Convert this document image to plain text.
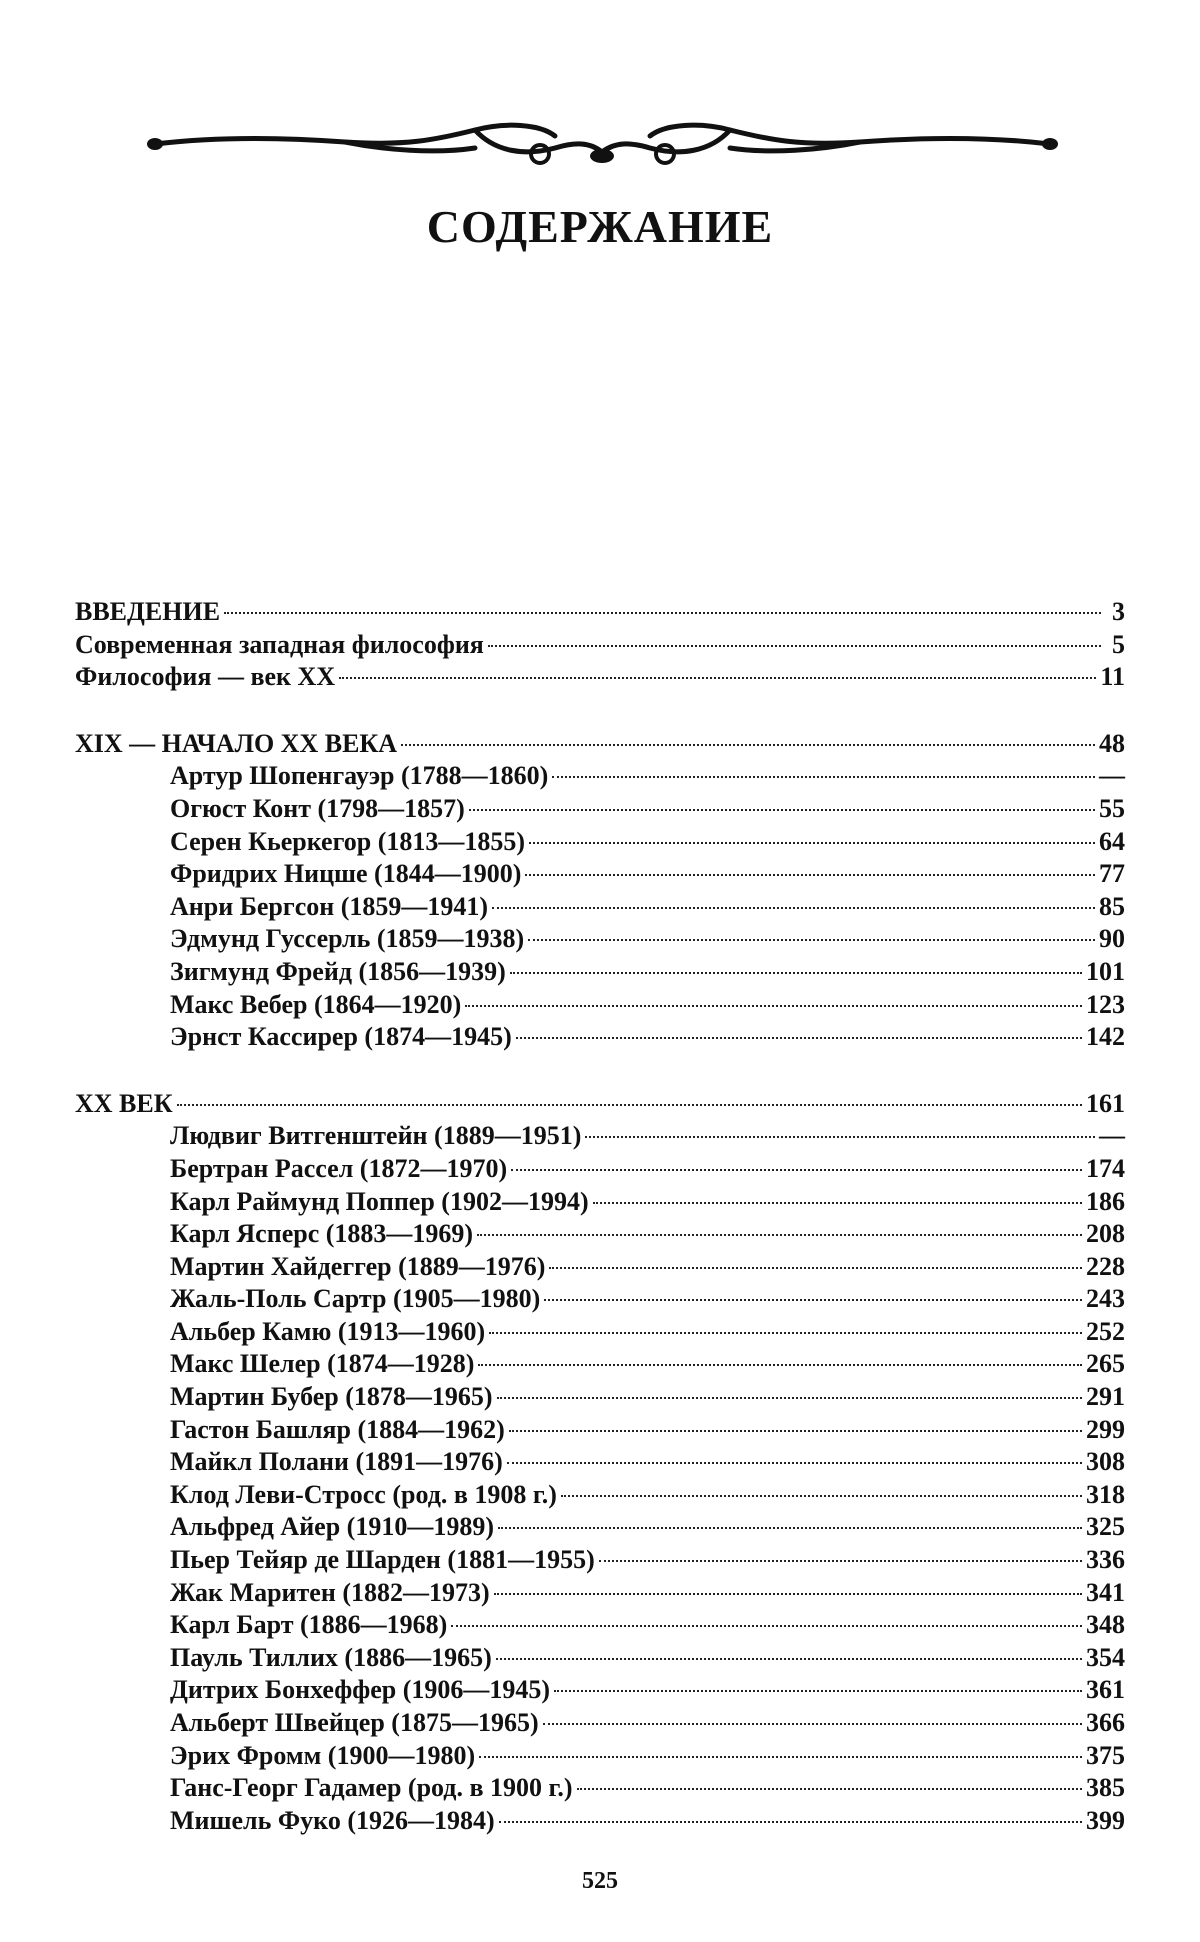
СОДЕРЖАНИЕ
ВВЕДЕНИЕ	3
Современная западная философия	5
Философия — век XX	11
XIX — НАЧАЛО XX ВЕКА	48
Артур Шопенгауэр (1788—1860)	—
Огюст Конт (1798—1857)	55
Серен Кьеркегор (1813—1855)	64
Фридрих Ницше (1844—1900)	77
Анри Бергсон (1859—1941)	85
Эдмунд Гуссерль (1859—1938)	90
Зигмунд Фрейд (1856—1939)	101
Макс Вебер (1864—1920)	123
Эрнст Кассирер (1874—1945)	142
XX ВЕК	161
Людвиг Витгенштейн (1889—1951)	—
Бертран Рассел (1872—1970)	174
Карл Раймунд Поппер (1902—1994)	186
Карл Ясперс (1883—1969)	208
Мартин Хайдеггер (1889—1976)	228
Жаль-Поль Сартр (1905—1980)	243
Альбер Камю (1913—1960)	252
Макс Шелер (1874—1928)	265
Мартин Бубер (1878—1965)	291
Гастон Башляр (1884—1962)	299
Майкл Полани (1891—1976)	308
Клод Леви-Стросс (род. в 1908 г.)	318
Альфред Айер (1910—1989)	325
Пьер Тейяр де Шарден (1881—1955)	336
Жак Маритен (1882—1973)	341
Карл Барт (1886—1968)	348
Пауль Тиллих (1886—1965)	354
Дитрих Бонхеффер (1906—1945)	361
Альберт Швейцер (1875—1965)	366
Эрих Фромм (1900—1980)	375
Ганс-Георг Гадамер (род. в 1900 г.)	385
Мишель Фуко (1926—1984)	399
525
